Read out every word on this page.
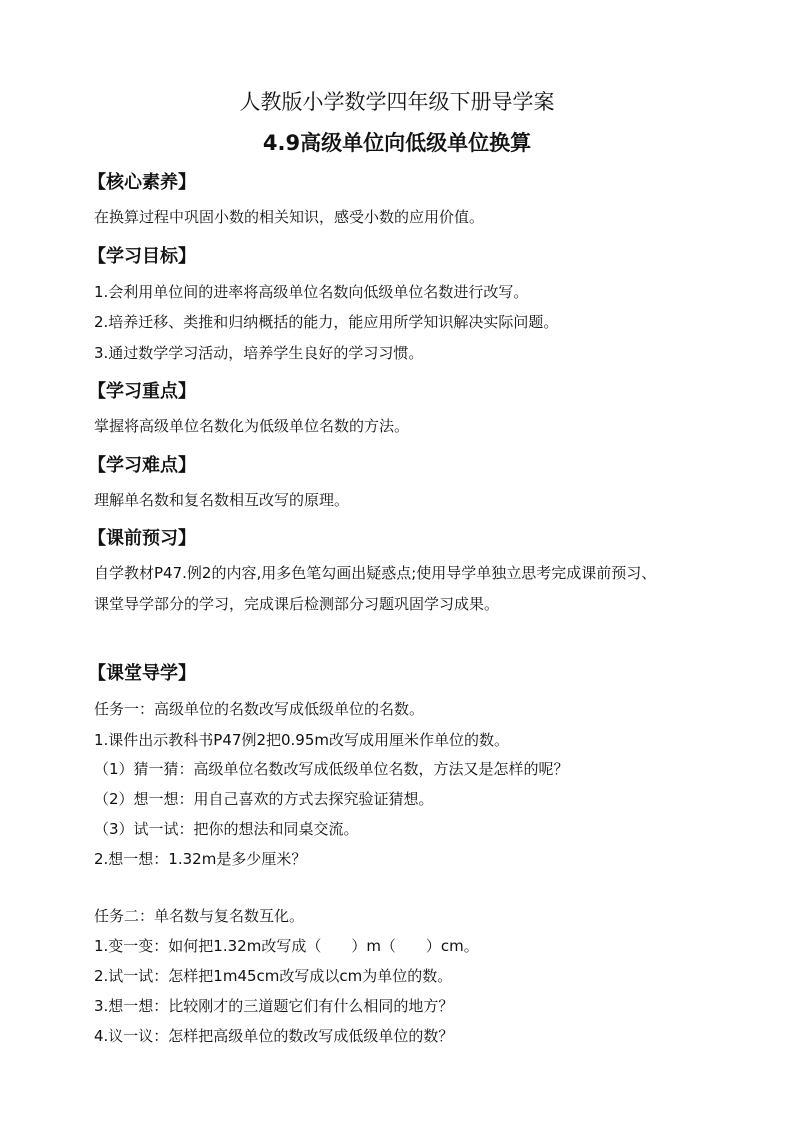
人教版小学数学四年级下册导学案
4.9高级单位向低级单位换算
【核心素养】
在换算过程中巩固小数的相关知识，感受小数的应用价值。
【学习目标】
1.会利用单位间的进率将高级单位名数向低级单位名数进行改写。
2.培养迁移、类推和归纳概括的能力，能应用所学知识解决实际问题。
3.通过数学学习活动，培养学生良好的学习习惯。
【学习重点】
掌握将高级单位名数化为低级单位名数的方法。
【学习难点】
理解单名数和复名数相互改写的原理。
【课前预习】
自学教材P47.例2的内容,用多色笔勾画出疑惑点;使用导学单独立思考完成课前预习、
课堂导学部分的学习，完成课后检测部分习题巩固学习成果。
【课堂导学】
任务一：高级单位的名数改写成低级单位的名数。
1.课件出示教科书P47例2把0.95m改写成用厘米作单位的数。
（1）猜一猜：高级单位名数改写成低级单位名数，方法又是怎样的呢？
（2）想一想：用自己喜欢的方式去探究验证猜想。
（3）试一试：把你的想法和同桌交流。
2.想一想：1.32m是多少厘米？
任务二：单名数与复名数互化。
1.变一变：如何把1.32m改写成（　　）m（　　）cm。
2.试一试：怎样把1m45cm改写成以cm为单位的数。
3.想一想：比较刚才的三道题它们有什么相同的地方？
4.议一议：怎样把高级单位的数改写成低级单位的数？
